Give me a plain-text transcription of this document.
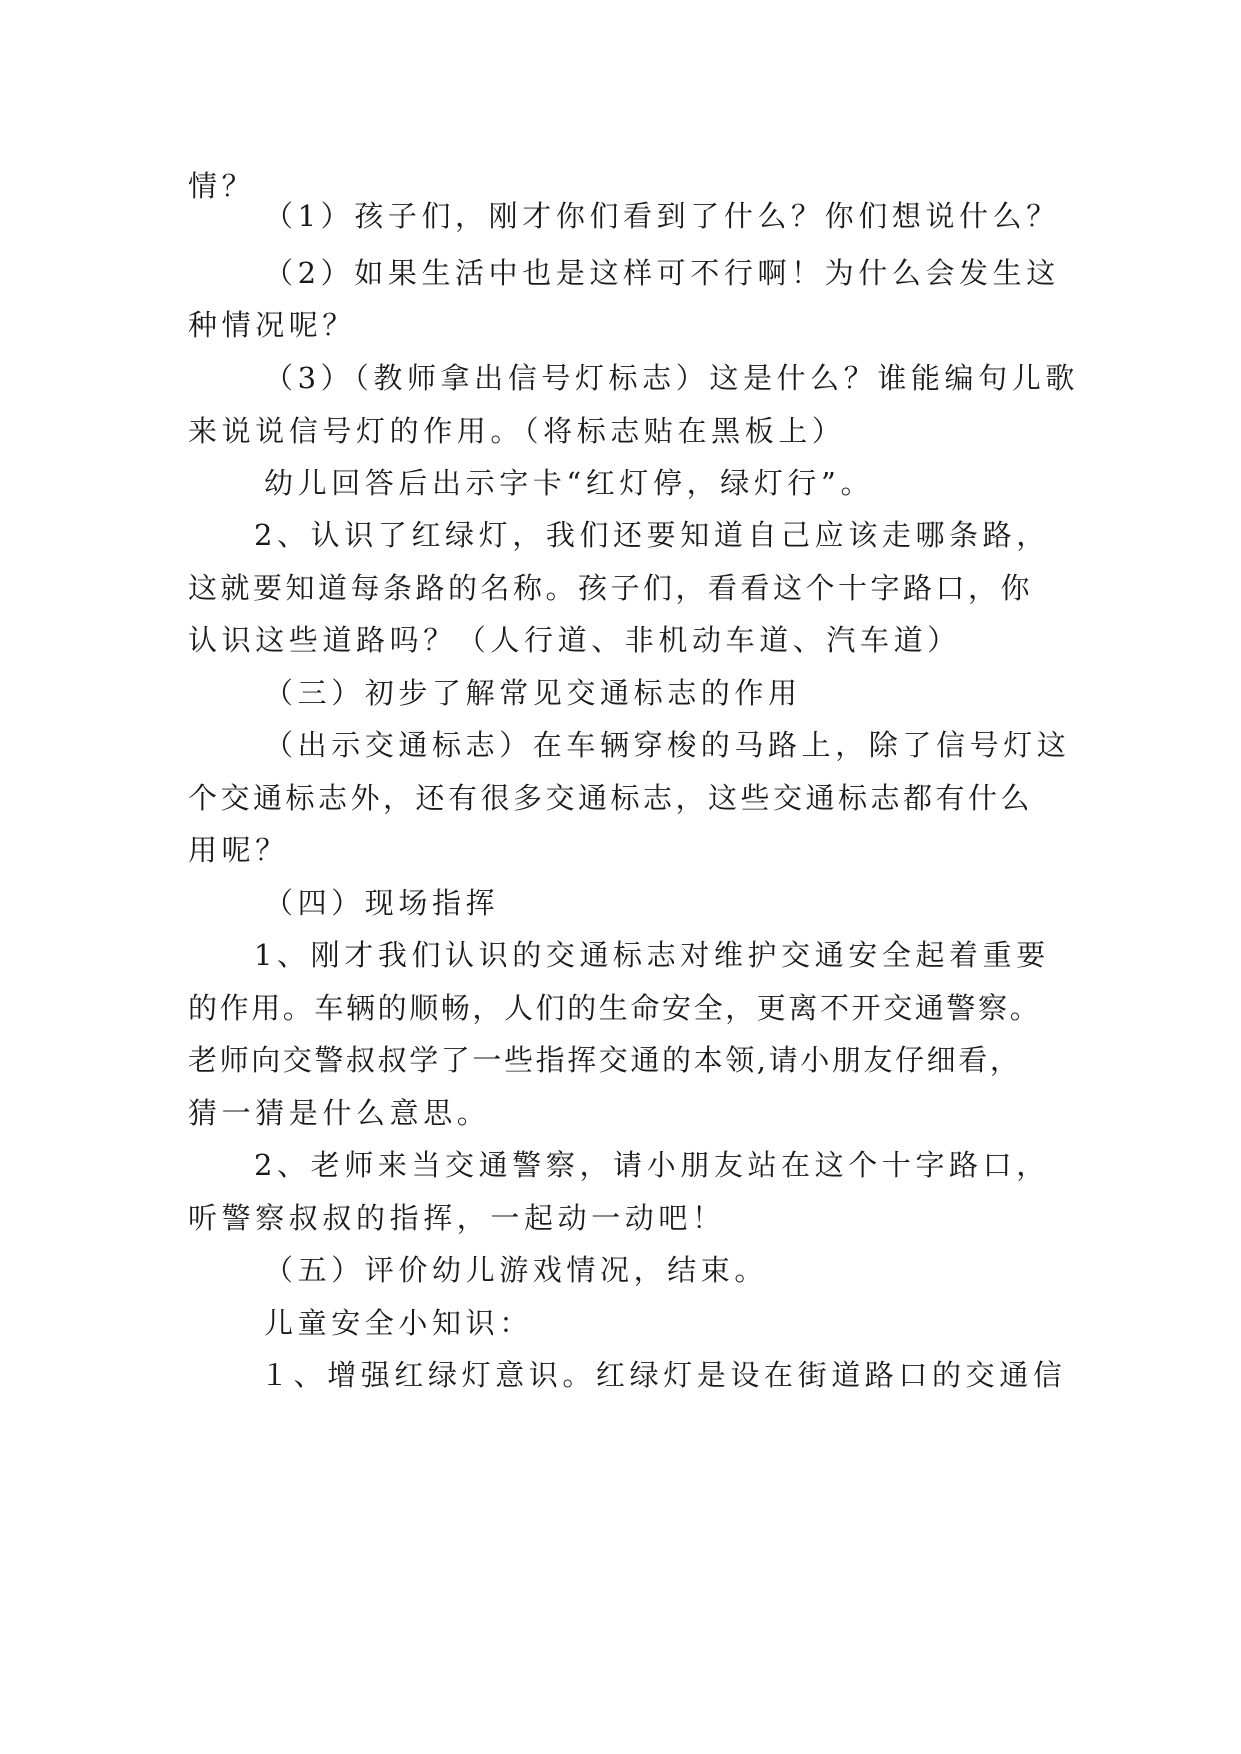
情？
（1）孩子们，刚才你们看到了什么？你们想说什么？
（2）如果生活中也是这样可不行啊！为什么会发生这
种情况呢？
（3）（教师拿出信号灯标志）这是什么？谁能编句儿歌
来说说信号灯的作用。（将标志贴在黑板上）
幼儿回答后出示字卡“红灯停，绿灯行”。
2、认识了红绿灯，我们还要知道自己应该走哪条路，
这就要知道每条路的名称。孩子们，看看这个十字路口，你
认识这些道路吗？（人行道、非机动车道、汽车道）
（三）初步了解常见交通标志的作用
（出示交通标志）在车辆穿梭的马路上，除了信号灯这
个交通标志外，还有很多交通标志，这些交通标志都有什么
用呢？
（四）现场指挥
1、刚才我们认识的交通标志对维护交通安全起着重要
的作用。车辆的顺畅，人们的生命安全，更离不开交通警察。
老师向交警叔叔学了一些指挥交通的本领,请小朋友仔细看，
猜一猜是什么意思。
2、老师来当交通警察，请小朋友站在这个十字路口，
听警察叔叔的指挥，一起动一动吧！
（五）评价幼儿游戏情况，结束。
儿童安全小知识：
１、增强红绿灯意识。红绿灯是设在街道路口的交通信
